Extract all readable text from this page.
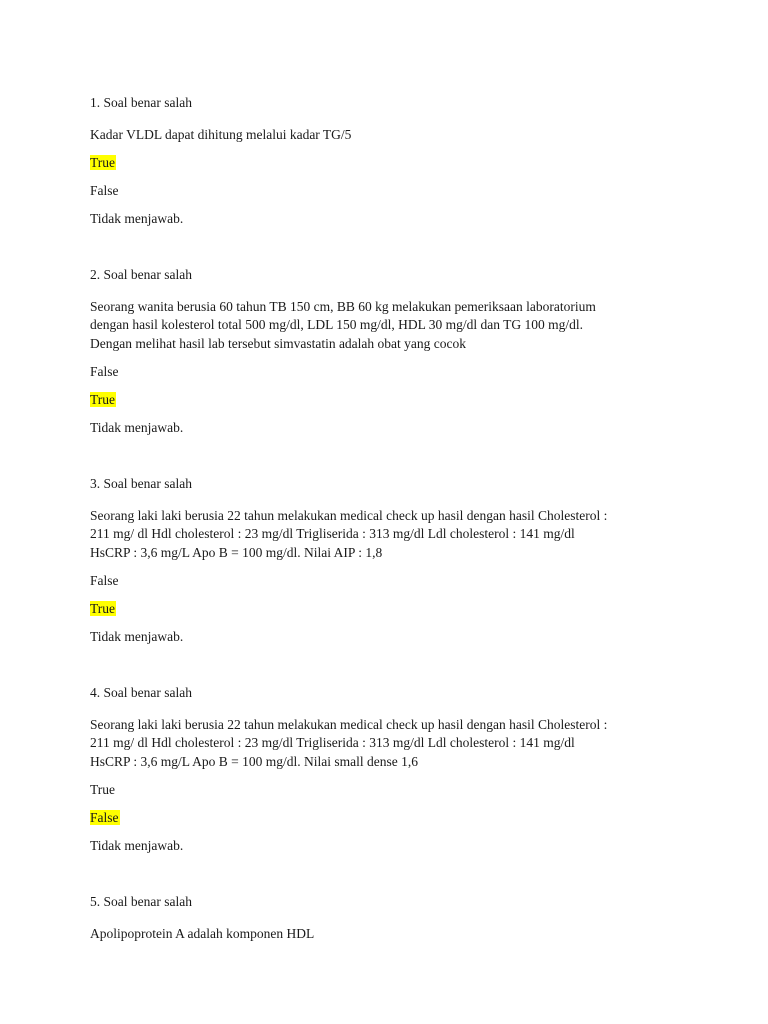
1. Soal benar salah

Kadar VLDL dapat dihitung melalui kadar TG/5

True
False
Tidak menjawab.

2. Soal benar salah

Seorang wanita berusia 60 tahun TB 150 cm, BB 60 kg melakukan pemeriksaan laboratorium
dengan hasil kolesterol total 500 mg/dl, LDL 150 mg/dl, HDL 30 mg/dl dan TG 100 mg/dl.
Dengan melihat hasil lab tersebut simvastatin adalah obat yang cocok

False
True
Tidak menjawab.

3. Soal benar salah

Seorang laki laki berusia 22 tahun melakukan medical check up hasil dengan hasil Cholesterol :
211 mg/ dl Hdl cholesterol : 23 mg/dl Trigliserida : 313 mg/dl Ldl cholesterol : 141 mg/dl
HsCRP : 3,6 mg/L Apo B = 100 mg/dl. Nilai AIP : 1,8

False
True
Tidak menjawab.

4. Soal benar salah

Seorang laki laki berusia 22 tahun melakukan medical check up hasil dengan hasil Cholesterol :
211 mg/ dl Hdl cholesterol : 23 mg/dl Trigliserida : 313 mg/dl Ldl cholesterol : 141 mg/dl
HsCRP : 3,6 mg/L Apo B = 100 mg/dl. Nilai small dense 1,6

True
False
Tidak menjawab.

5. Soal benar salah

Apolipoprotein A adalah komponen HDL
